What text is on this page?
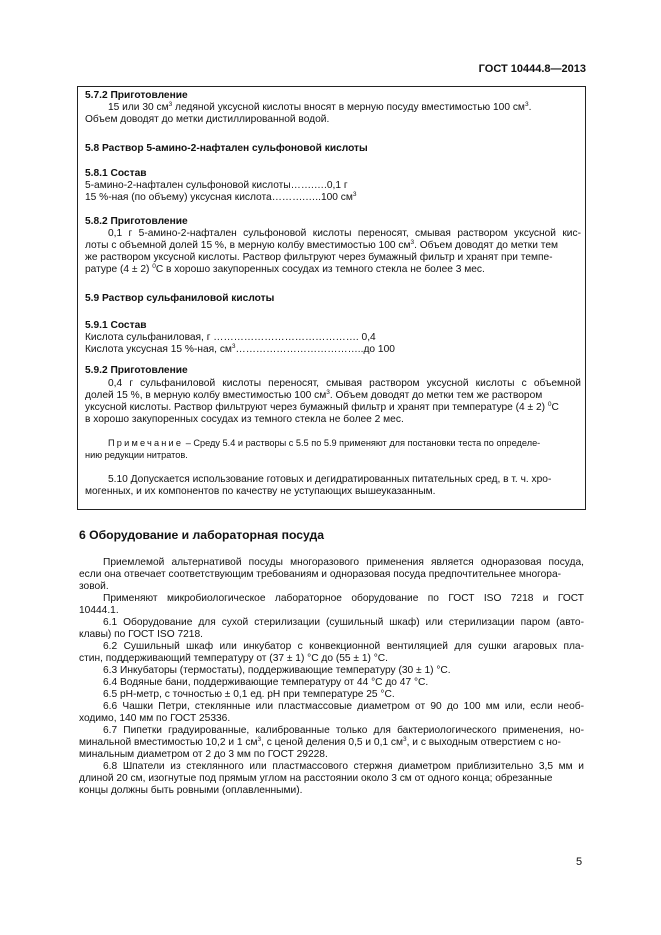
ГОСТ 10444.8—2013
5.7.2 Приготовление
15 или 30 $см^3$ ледяной уксусной кислоты вносят в мерную посуду вместимостью 100 $см^3$.
Объем доводят до метки дистиллированной водой.
5.8 Раствор 5-амино-2-нафтален сульфоновой кислоты
5.8.1 Состав
5-амино-2-нафтален сульфоновой кислоты…….….0,1 г
15 %-ная (по объему) уксусная кислота……….…..100 $см^3$
5.8.2 Приготовление
0,1 г 5-амино-2-нафтален сульфоновой кислоты переносят, смывая раствором уксусной кис-
лоты с объемной долей 15 %, в мерную колбу вместимостью 100 $см^3$. Объем доводят до метки тем
же раствором уксусной кислоты. Раствор фильтруют через бумажный фильтр и хранят при темпе-
ратуре (4 ± 2) $^0$С в хорошо закупоренных сосудах из темного стекла не более 3 мес.
5.9 Раствор сульфаниловой кислоты
5.9.1 Состав
Кислота сульфаниловая, г ……………………………………. 0,4
Кислота уксусная 15 %-ная, $см^3\dots\dots\dots\dots\dots\dots\dots\dots\dots\dots\dots\dots..до$ 100
5.9.2 Приготовление
0,4 г сульфаниловой кислоты переносят, смывая раствором уксусной кислоты с объемной
долей 15 %, в мерную колбу вместимостью 100 $см^3$. Объем доводят до метки тем же раствором
уксусной кислоты. Раствор фильтруют через бумажный фильтр и хранят при температуре (4 ± 2) $^0$С
в хорошо закупоренных сосудах из темного стекла не более 2 мес.
Примечание – Среду 5.4 и растворы с 5.5 по 5.9 применяют для постановки теста по определе-
нию редукции нитратов.
5.10 Допускается использование готовых и дегидратированных питательных сред, в т. ч. хро-
могенных, и их компонентов по качеству не уступающих вышеуказанным.
6 Оборудование и лабораторная посуда
Приемлемой альтернативой посуды многоразового применения является одноразовая посуда,
если она отвечает соответствующим требованиям и одноразовая посуда предпочтительнее многора-
зовой.
Применяют микробиологическое лабораторное оборудование по ГОСТ ISO 7218 и ГОСТ
10444.1.
6.1 Оборудование для сухой стерилизации (сушильный шкаф) или стерилизации паром (авто-
клавы) по ГОСТ ISO 7218.
6.2 Сушильный шкаф или инкубатор с конвекционной вентиляцией для сушки агаровых пла-
стин, поддерживающий температуру от (37 ± 1) °С до (55 ± 1) °С.
6.3 Инкубаторы (термостаты), поддерживающие температуру (30 ± 1) °С.
6.4 Водяные бани, поддерживающие температуру от 44 °С до 47 °С.
6.5 рН-метр, с точностью ± 0,1 ед. рН при температуре 25 °С.
6.6 Чашки Петри, стеклянные или пластмассовые диаметром от 90 до 100 мм или, если необ-
ходимо, 140 мм по ГОСТ 25336.
6.7 Пипетки градуированные, калиброванные только для бактериологического применения, но-
минальной вместимостью 10,2 и 1 $см^3$, с ценой деления 0,5 и 0,1 $см^3$, и с выходным отверстием с но-
минальным диаметром от 2 до 3 мм по ГОСТ 29228.
6.8 Шпатели из стеклянного или пластмассового стержня диаметром приблизительно 3,5 мм и
длиной 20 см, изогнутые под прямым углом на расстоянии около 3 см от одного конца; обрезанные
концы должны быть ровными (оплавленными).
5
